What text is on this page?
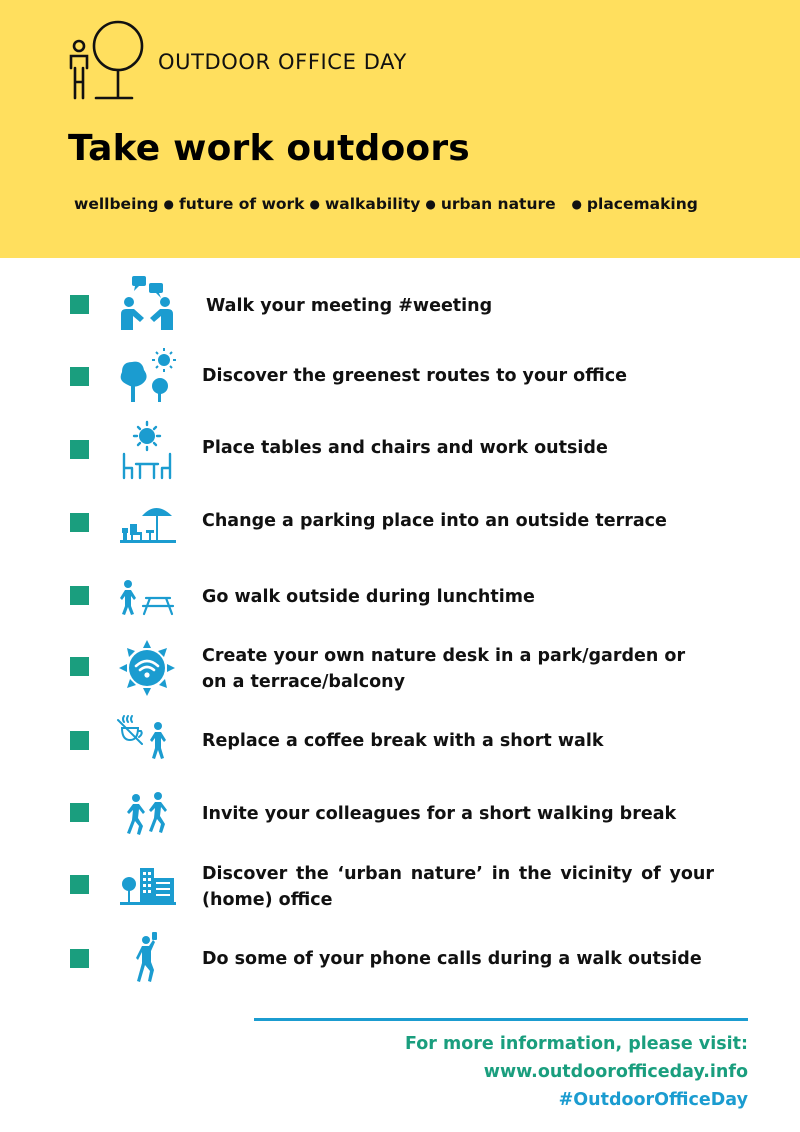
OUTDOOR OFFICE DAY
Take work outdoors
wellbeing ● future of work ● walkability ● urban nature ● placemaking
Walk your meeting #weeting
Discover the greenest routes to your office
Place tables and chairs and work outside
Change a parking place into an outside terrace
Go walk outside during lunchtime
Create your own nature desk in a park/garden or on a terrace/balcony
Replace a coffee break with a short walk
Invite your colleagues for a short walking break
Discover the ‘urban nature’ in the vicinity of your (home) office
Do some of your phone calls during a walk outside
For more information, please visit:
www.outdoorofficeday.info
#OutdoorOfficeDay
